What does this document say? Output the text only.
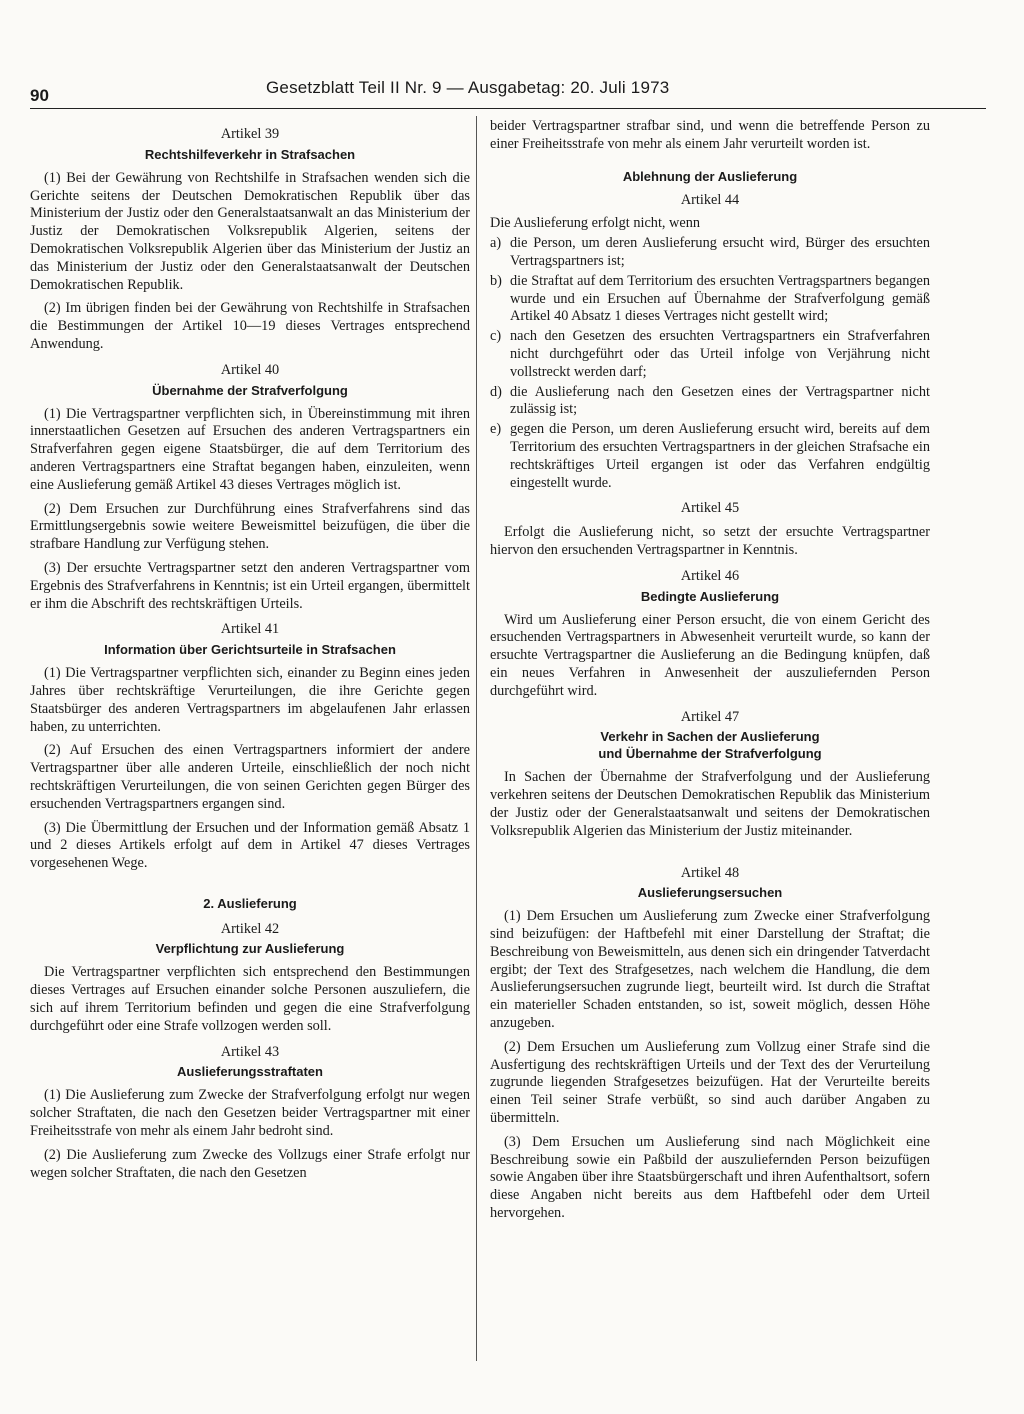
90	Gesetzblatt Teil II Nr. 9 — Ausgabetag: 20. Juli 1973
Artikel 39
Rechtshilfeverkehr in Strafsachen

(1) Bei der Gewährung von Rechtshilfe in Strafsachen wenden sich die Gerichte seitens der Deutschen Demokratischen Republik über das Ministerium der Justiz oder den Generalstaatsanwalt an das Ministerium der Justiz der Demokratischen Volksrepublik Algerien, seitens der Demokratischen Volksrepublik Algerien über das Ministerium der Justiz an das Ministerium der Justiz oder den Generalstaatsanwalt der Deutschen Demokratischen Republik.

(2) Im übrigen finden bei der Gewährung von Rechtshilfe in Strafsachen die Bestimmungen der Artikel 10—19 dieses Vertrages entsprechend Anwendung.

Artikel 40
Übernahme der Strafverfolgung

(1) Die Vertragspartner verpflichten sich, in Übereinstimmung mit ihren innerstaatlichen Gesetzen auf Ersuchen des anderen Vertragspartners ein Strafverfahren gegen eigene Staatsbürger, die auf dem Territorium des anderen Vertragspartners eine Straftat begangen haben, einzuleiten, wenn eine Auslieferung gemäß Artikel 43 dieses Vertrages möglich ist.

(2) Dem Ersuchen zur Durchführung eines Strafverfahrens sind das Ermittlungsergebnis sowie weitere Beweismittel beizufügen, die über die strafbare Handlung zur Verfügung stehen.

(3) Der ersuchte Vertragspartner setzt den anderen Vertragspartner vom Ergebnis des Strafverfahrens in Kenntnis; ist ein Urteil ergangen, übermittelt er ihm die Abschrift des rechtskräftigen Urteils.

Artikel 41
Information über Gerichtsurteile in Strafsachen

(1) Die Vertragspartner verpflichten sich, einander zu Beginn eines jeden Jahres über rechtskräftige Verurteilungen, die ihre Gerichte gegen Staatsbürger des anderen Vertragspartners im abgelaufenen Jahr erlassen haben, zu unterrichten.

(2) Auf Ersuchen des einen Vertragspartners informiert der andere Vertragspartner über alle anderen Urteile, einschließlich der noch nicht rechtskräftigen Verurteilungen, die von seinen Gerichten gegen Bürger des ersuchenden Vertragspartners ergangen sind.

(3) Die Übermittlung der Ersuchen und der Information gemäß Absatz 1 und 2 dieses Artikels erfolgt auf dem in Artikel 47 dieses Vertrages vorgesehenen Wege.

2. Auslieferung
Artikel 42
Verpflichtung zur Auslieferung

Die Vertragspartner verpflichten sich entsprechend den Bestimmungen dieses Vertrages auf Ersuchen einander solche Personen auszuliefern, die sich auf ihrem Territorium befinden und gegen die eine Strafverfolgung durchgeführt oder eine Strafe vollzogen werden soll.

Artikel 43
Auslieferungsstraftaten

(1) Die Auslieferung zum Zwecke der Strafverfolgung erfolgt nur wegen solcher Straftaten, die nach den Gesetzen beider Vertragspartner mit einer Freiheitsstrafe von mehr als einem Jahr bedroht sind.

(2) Die Auslieferung zum Zwecke des Vollzugs einer Strafe erfolgt nur wegen solcher Straftaten, die nach den Gesetzen

beider Vertragspartner strafbar sind, und wenn die betreffende Person zu einer Freiheitsstrafe von mehr als einem Jahr verurteilt worden ist.

Ablehnung der Auslieferung
Artikel 44

Die Auslieferung erfolgt nicht, wenn

a) die Person, um deren Auslieferung ersucht wird, Bürger des ersuchten Vertragspartners ist;
b) die Straftat auf dem Territorium des ersuchten Vertragspartners begangen wurde und ein Ersuchen auf Übernahme der Strafverfolgung gemäß Artikel 40 Absatz 1 dieses Vertrages nicht gestellt wird;
c) nach den Gesetzen des ersuchten Vertragspartners ein Strafverfahren nicht durchgeführt oder das Urteil infolge von Verjährung nicht vollstreckt werden darf;
d) die Auslieferung nach den Gesetzen eines der Vertragspartner nicht zulässig ist;
e) gegen die Person, um deren Auslieferung ersucht wird, bereits auf dem Territorium des ersuchten Vertragspartners in der gleichen Strafsache ein rechtskräftiges Urteil ergangen ist oder das Verfahren endgültig eingestellt wurde.
Artikel 45

Erfolgt die Auslieferung nicht, so setzt der ersuchte Vertragspartner hiervon den ersuchenden Vertragspartner in Kenntnis.

Artikel 46
Bedingte Auslieferung

Wird um Auslieferung einer Person ersucht, die von einem Gericht des ersuchenden Vertragspartners in Abwesenheit verurteilt wurde, so kann der ersuchte Vertragspartner die Auslieferung an die Bedingung knüpfen, daß ein neues Verfahren in Anwesenheit der auszuliefernden Person durchgeführt wird.

Artikel 47
Verkehr in Sachen der Auslieferung
und Übernahme der Strafverfolgung

In Sachen der Übernahme der Strafverfolgung und der Auslieferung verkehren seitens der Deutschen Demokratischen Republik das Ministerium der Justiz oder der Generalstaatsanwalt und seitens der Demokratischen Volksrepublik Algerien das Ministerium der Justiz miteinander.

Artikel 48
Auslieferungsersuchen

(1) Dem Ersuchen um Auslieferung zum Zwecke einer Strafverfolgung sind beizufügen: der Haftbefehl mit einer Darstellung der Straftat; die Beschreibung von Beweismitteln, aus denen sich ein dringender Tatverdacht ergibt; der Text des Strafgesetzes, nach welchem die Handlung, die dem Auslieferungsersuchen zugrunde liegt, beurteilt wird. Ist durch die Straftat ein materieller Schaden entstanden, so ist, soweit möglich, dessen Höhe anzugeben.

(2) Dem Ersuchen um Auslieferung zum Vollzug einer Strafe sind die Ausfertigung des rechtskräftigen Urteils und der Text des der Verurteilung zugrunde liegenden Strafgesetzes beizufügen. Hat der Verurteilte bereits einen Teil seiner Strafe verbüßt, so sind auch darüber Angaben zu übermitteln.

(3) Dem Ersuchen um Auslieferung sind nach Möglichkeit eine Beschreibung sowie ein Paßbild der auszuliefernden Person beizufügen sowie Angaben über ihre Staatsbürgerschaft und ihren Aufenthaltsort, sofern diese Angaben nicht bereits aus dem Haftbefehl oder dem Urteil hervorgehen.
